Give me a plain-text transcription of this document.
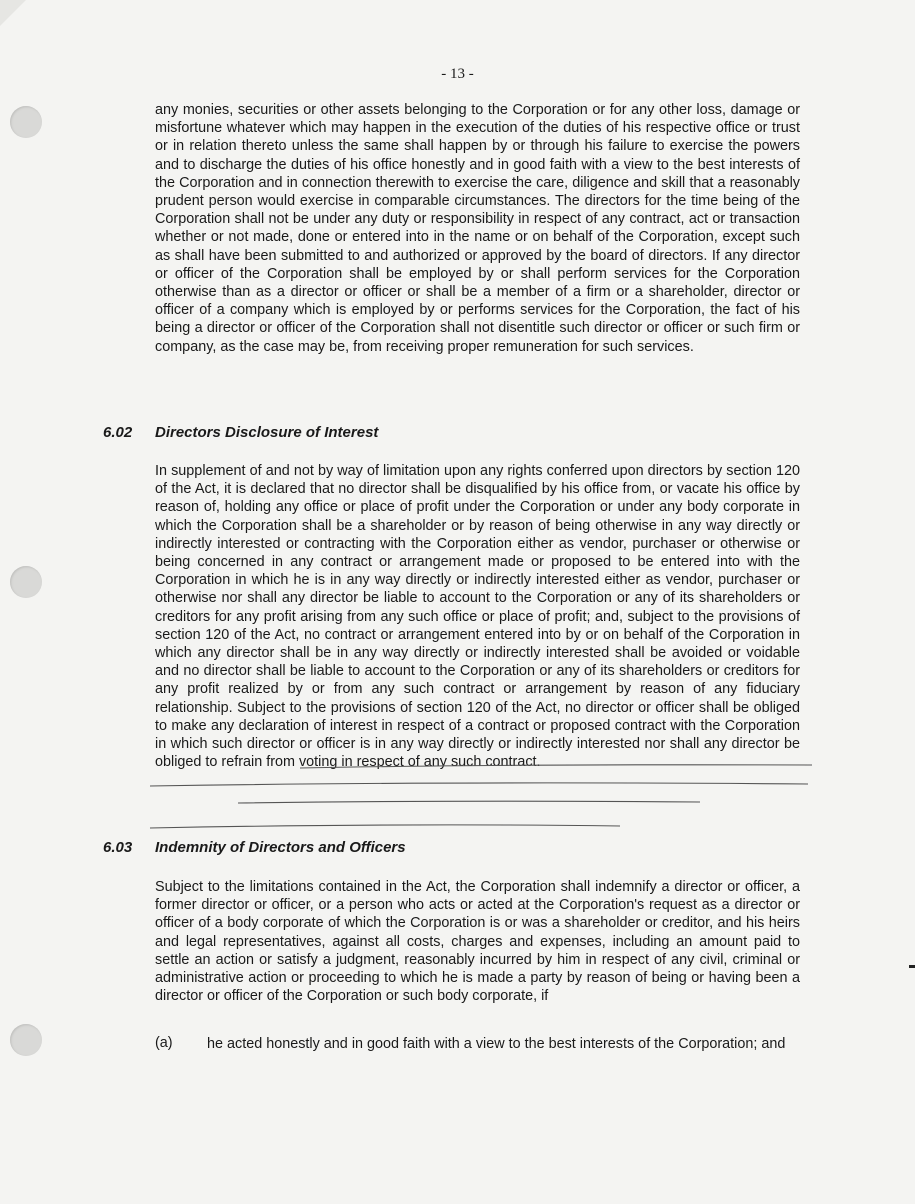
- 13 -

any monies, securities or other assets belonging to the Corporation or for any other loss, damage or misfortune whatever which may happen in the execution of the duties of his respective office or trust or in relation thereto unless the same shall happen by or through his failure to exercise the powers and to discharge the duties of his office honestly and in good faith with a view to the best interests of the Corporation and in connection therewith to exercise the care, diligence and skill that a reasonably prudent person would exercise in comparable circumstances. The directors for the time being of the Corporation shall not be under any duty or responsibility in respect of any contract, act or transaction whether or not made, done or entered into in the name or on behalf of the Corporation, except such as shall have been submitted to and authorized or approved by the board of directors. If any director or officer of the Corporation shall be employed by or shall perform services for the Corporation otherwise than as a director or officer or shall be a member of a firm or a shareholder, director or officer of a company which is employed by or performs services for the Corporation, the fact of his being a director or officer of the Corporation shall not disentitle such director or officer or such firm or company, as the case may be, from receiving proper remuneration for such services.

6.02 Directors Disclosure of Interest

In supplement of and not by way of limitation upon any rights conferred upon directors by section 120 of the Act, it is declared that no director shall be disqualified by his office from, or vacate his office by reason of, holding any office or place of profit under the Corporation or under any body corporate in which the Corporation shall be a shareholder or by reason of being otherwise in any way directly or indirectly interested or contracting with the Corporation either as vendor, purchaser or otherwise or being concerned in any contract or arrangement made or proposed to be entered into with the Corporation in which he is in any way directly or indirectly interested either as vendor, purchaser or otherwise nor shall any director be liable to account to the Corporation or any of its shareholders or creditors for any profit arising from any such office or place of profit; and, subject to the provisions of section 120 of the Act, no contract or arrangement entered into by or on behalf of the Corporation in which any director shall be in any way directly or indirectly interested shall be avoided or voidable and no director shall be liable to account to the Corporation or any of its shareholders or creditors for any profit realized by or from any such contract or arrangement by reason of any fiduciary relationship. Subject to the provisions of section 120 of the Act, no director or officer shall be obliged to make any declaration of interest in respect of a contract or proposed contract with the Corporation in which such director or officer is in any way directly or indirectly interested nor shall any director be obliged to refrain from voting in respect of any such contract.

6.03 Indemnity of Directors and Officers

Subject to the limitations contained in the Act, the Corporation shall indemnify a director or officer, a former director or officer, or a person who acts or acted at the Corporation's request as a director or officer of a body corporate of which the Corporation is or was a shareholder or creditor, and his heirs and legal representatives, against all costs, charges and expenses, including an amount paid to settle an action or satisfy a judgment, reasonably incurred by him in respect of any civil, criminal or administrative action or proceeding to which he is made a party by reason of being or having been a director or officer of the Corporation or such body corporate, if

(a) he acted honestly and in good faith with a view to the best interests of the Corporation; and
